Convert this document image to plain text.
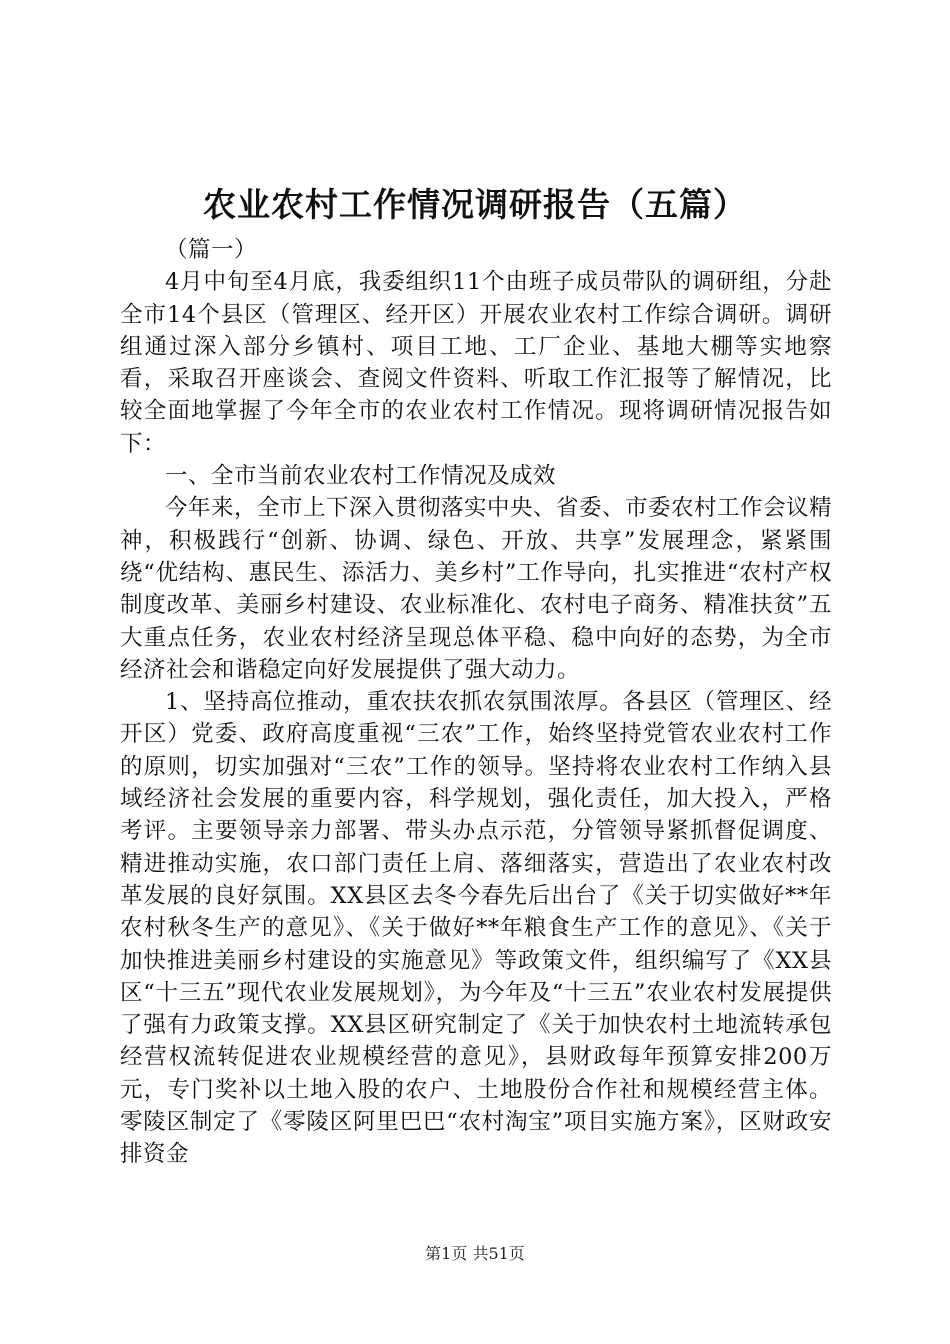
农业农村工作情况调研报告（五篇）

（篇一）

4月中旬至4月底，我委组织11个由班子成员带队的调研组，分赴全市14个县区（管理区、经开区）开展农业农村工作综合调研。调研组通过深入部分乡镇村、项目工地、工厂企业、基地大棚等实地察看，采取召开座谈会、查阅文件资料、听取工作汇报等了解情况，比较全面地掌握了今年全市的农业农村工作情况。现将调研情况报告如下：

一、全市当前农业农村工作情况及成效

今年来，全市上下深入贯彻落实中央、省委、市委农村工作会议精神，积极践行“创新、协调、绿色、开放、共享”发展理念，紧紧围绕“优结构、惠民生、添活力、美乡村”工作导向，扎实推进“农村产权制度改革、美丽乡村建设、农业标准化、农村电子商务、精准扶贫”五大重点任务，农业农村经济呈现总体平稳、稳中向好的态势，为全市经济社会和谐稳定向好发展提供了强大动力。

1、坚持高位推动，重农扶农抓农氛围浓厚。各县区（管理区、经开区）党委、政府高度重视“三农”工作，始终坚持党管农业农村工作的原则，切实加强对“三农”工作的领导。坚持将农业农村工作纳入县域经济社会发展的重要内容，科学规划，强化责任，加大投入，严格考评。主要领导亲力部署、带头办点示范，分管领导紧抓督促调度、精进推动实施，农口部门责任上肩、落细落实，营造出了农业农村改革发展的良好氛围。XX县区去冬今春先后出台了《关于切实做好**年农村秋冬生产的意见》、《关于做好**年粮食生产工作的意见》、《关于加快推进美丽乡村建设的实施意见》等政策文件，组织编写了《XX县区“十三五”现代农业发展规划》，为今年及“十三五”农业农村发展提供了强有力政策支撑。XX县区研究制定了《关于加快农村土地流转承包经营权流转促进农业规模经营的意见》，县财政每年预算安排200万元，专门奖补以土地入股的农户、土地股份合作社和规模经营主体。零陵区制定了《零陵区阿里巴巴“农村淘宝”项目实施方案》，区财政安排资金

第1页 共51页
